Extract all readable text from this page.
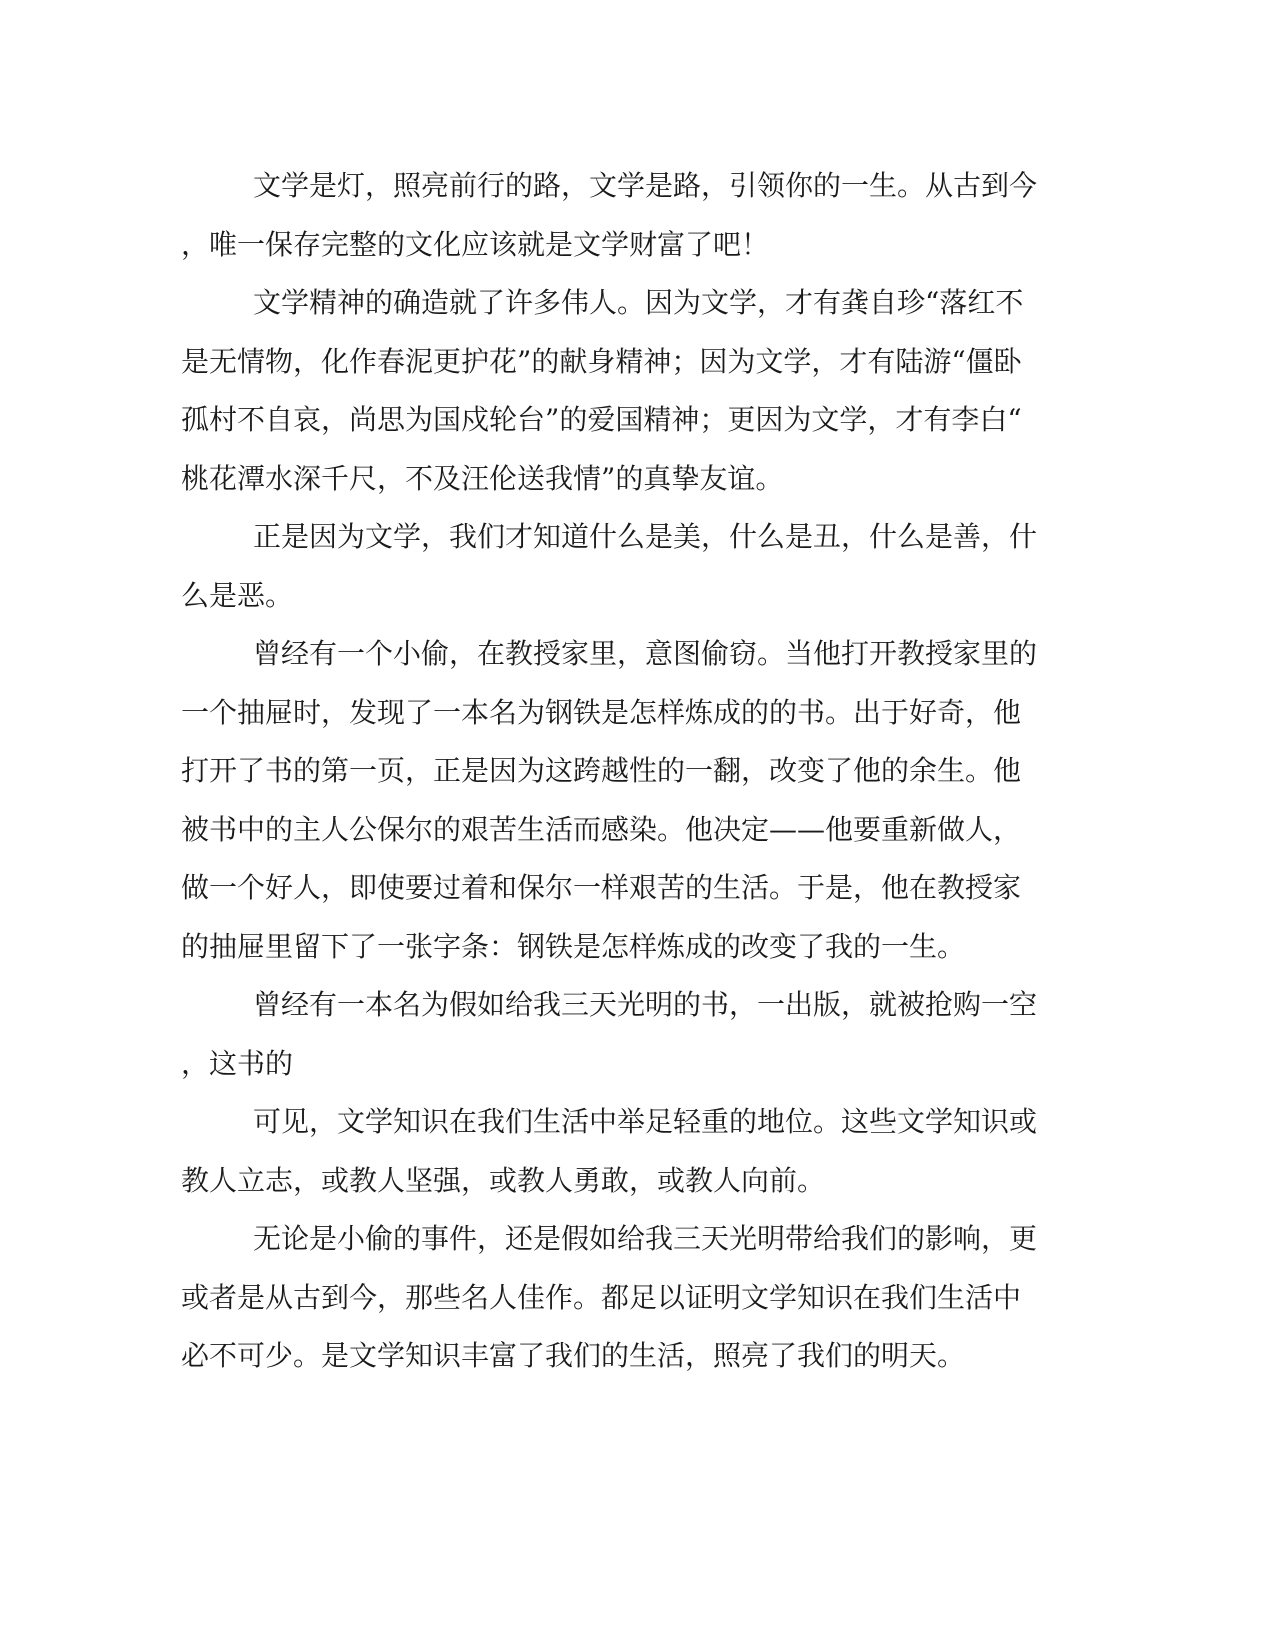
文学是灯，照亮前行的路，文学是路，引领你的一生。从古到今
，唯一保存完整的文化应该就是文学财富了吧！
文学精神的确造就了许多伟人。因为文学，才有龚自珍“落红不
是无情物，化作春泥更护花”的献身精神；因为文学，才有陆游“僵卧
孤村不自哀，尚思为国戍轮台”的爱国精神；更因为文学，才有李白“
桃花潭水深千尺，不及汪伦送我情”的真挚友谊。
正是因为文学，我们才知道什么是美，什么是丑，什么是善，什
么是恶。
曾经有一个小偷，在教授家里，意图偷窃。当他打开教授家里的
一个抽屉时，发现了一本名为钢铁是怎样炼成的的书。出于好奇，他
打开了书的第一页，正是因为这跨越性的一翻，改变了他的余生。他
被书中的主人公保尔的艰苦生活而感染。他决定——他要重新做人，
做一个好人，即使要过着和保尔一样艰苦的生活。于是，他在教授家
的抽屉里留下了一张字条：钢铁是怎样炼成的改变了我的一生。
曾经有一本名为假如给我三天光明的书，一出版，就被抢购一空
，这书的
可见，文学知识在我们生活中举足轻重的地位。这些文学知识或
教人立志，或教人坚强，或教人勇敢，或教人向前。
无论是小偷的事件，还是假如给我三天光明带给我们的影响，更
或者是从古到今，那些名人佳作。都足以证明文学知识在我们生活中
必不可少。是文学知识丰富了我们的生活，照亮了我们的明天。
